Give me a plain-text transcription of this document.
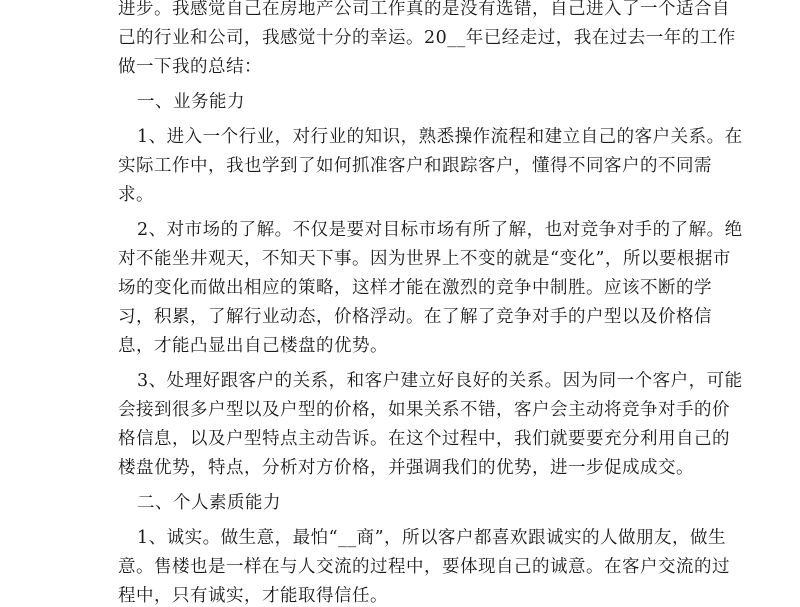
进步。我感觉自己在房地产公司工作真的是没有选错，自己进入了一个适合自
己的行业和公司，我感觉十分的幸运。20__年已经走过，我在过去一年的工作
做一下我的总结：
一、业务能力
1、进入一个行业，对行业的知识，熟悉操作流程和建立自己的客户关系。在
实际工作中，我也学到了如何抓准客户和跟踪客户，懂得不同客户的不同需
求。
2、对市场的了解。不仅是要对目标市场有所了解，也对竞争对手的了解。绝
对不能坐井观天，不知天下事。因为世界上不变的就是“变化”，所以要根据市
场的变化而做出相应的策略，这样才能在激烈的竞争中制胜。应该不断的学
习，积累，了解行业动态，价格浮动。在了解了竞争对手的户型以及价格信
息，才能凸显出自己楼盘的优势。
3、处理好跟客户的关系，和客户建立好良好的关系。因为同一个客户，可能
会接到很多户型以及户型的价格，如果关系不错，客户会主动将竞争对手的价
格信息，以及户型特点主动告诉。在这个过程中，我们就要要充分利用自己的
楼盘优势，特点，分析对方价格，并强调我们的优势，进一步促成成交。
二、个人素质能力
1、诚实。做生意，最怕“__商”，所以客户都喜欢跟诚实的人做朋友，做生
意。售楼也是一样在与人交流的过程中，要体现自己的诚意。在客户交流的过
程中，只有诚实，才能取得信任。
